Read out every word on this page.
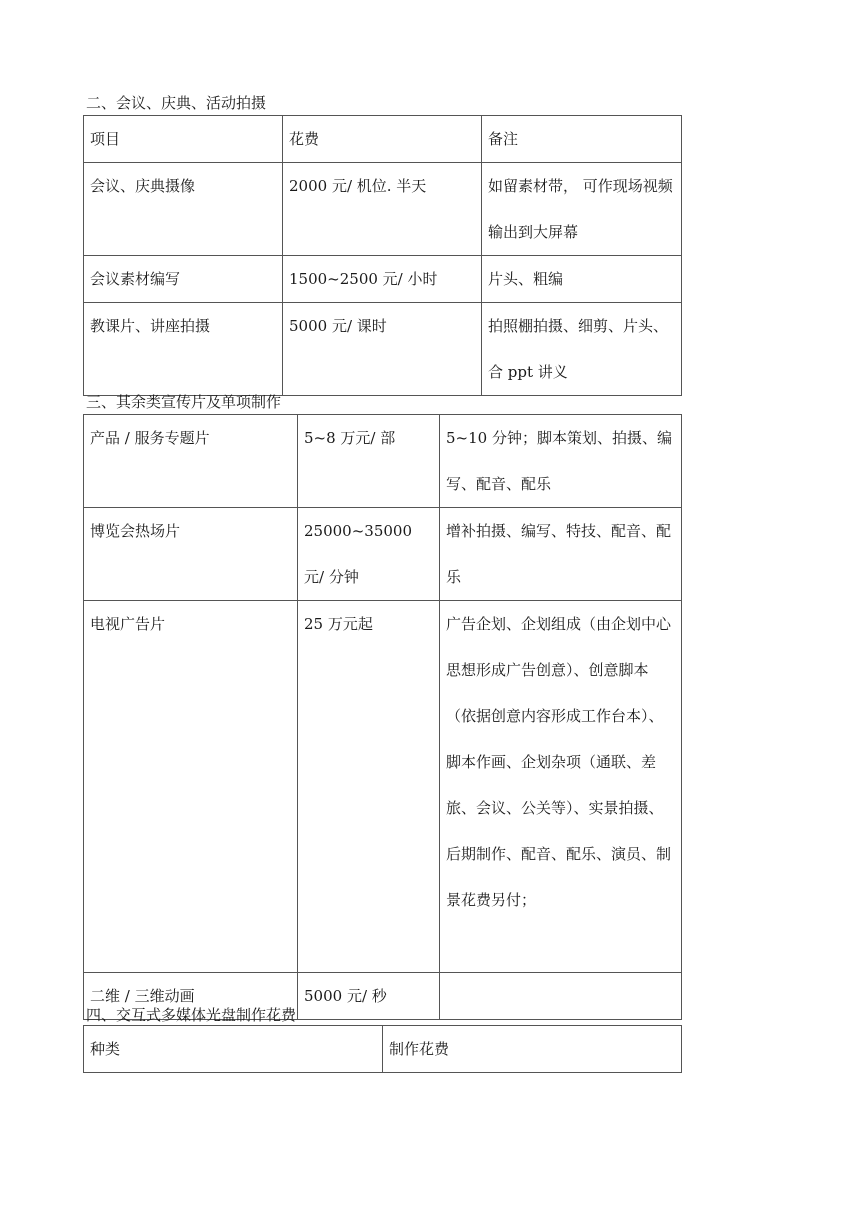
二、会议、庆典、活动拍摄
项目	花费	备注
会议、庆典摄像	2000 元/ 机位. 半天	如留素材带， 可作现场视频输出到大屏幕
会议素材编写	1500~2500 元/ 小时	片头、粗编
教课片、讲座拍摄	5000 元/ 课时	拍照棚拍摄、细剪、片头、合 ppt 讲义
三、其余类宣传片及单项制作
产品 / 服务专题片	5~8 万元/ 部	5~10 分钟；脚本策划、拍摄、编写、配音、配乐
博览会热场片	25000~35000 元/ 分钟	增补拍摄、编写、特技、配音、配乐
电视广告片	25 万元起	广告企划、企划组成（由企划中心思想形成广告创意）、创意脚本（依据创意内容形成工作台本）、脚本作画、企划杂项（通联、差旅、会议、公关等）、实景拍摄、后期制作、配音、配乐、演员、制景花费另付；
二维 / 三维动画	5000 元/ 秒	
四、交互式多媒体光盘制作花费
种类	制作花费
